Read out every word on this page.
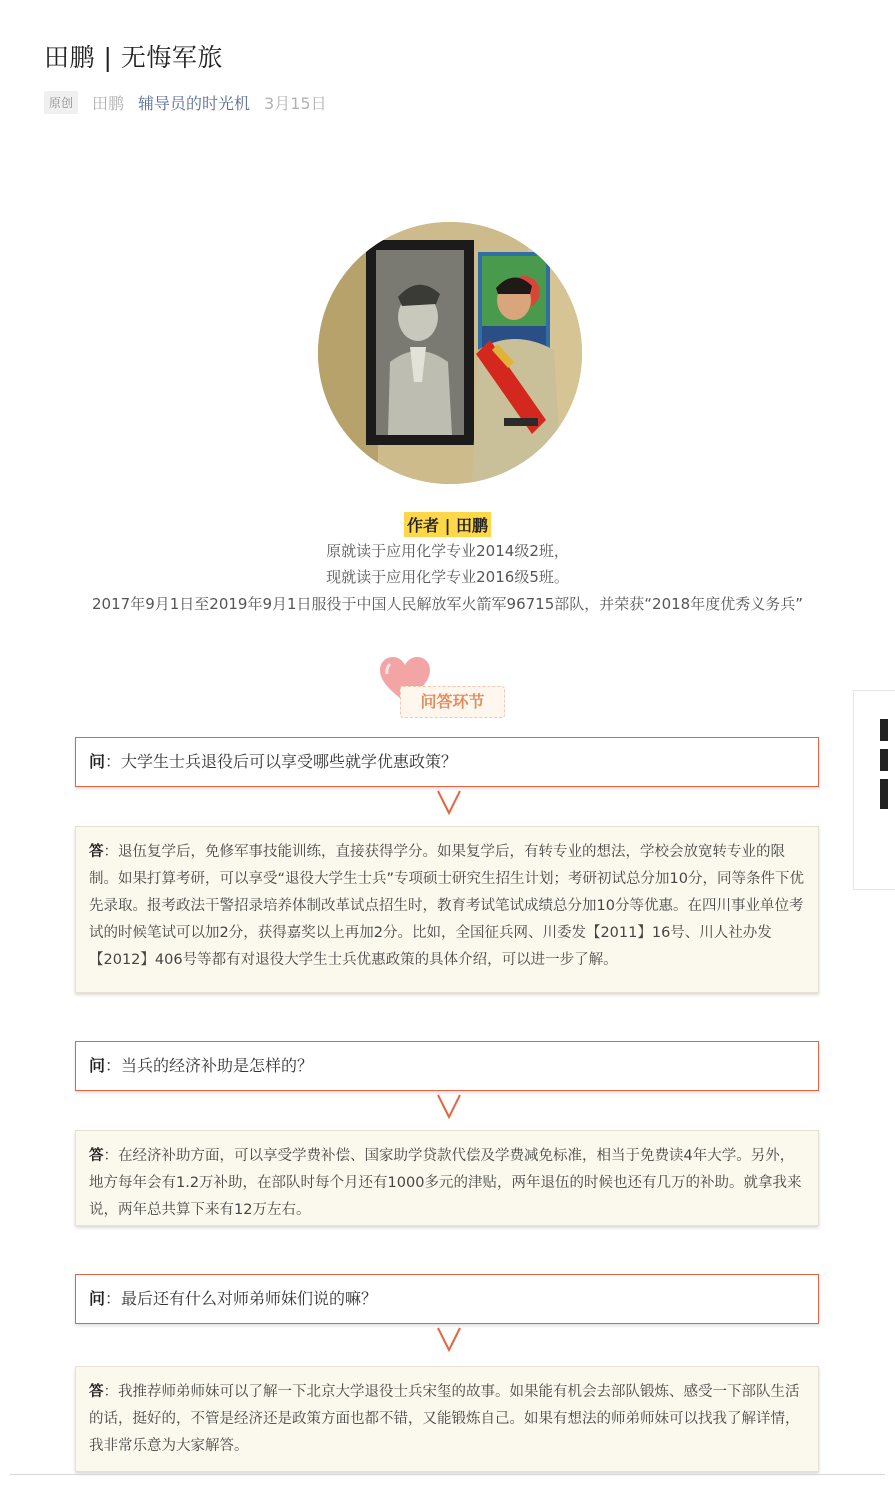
田鹏 | 无悔军旅
原创	田鹏 辅导员的时光机 3月15日
作者 | 田鹏
原就读于应用化学专业2014级2班，
现就读于应用化学专业2016级5班。
2017年9月1日至2019年9月1日服役于中国人民解放军火箭军96715部队，并荣获“2018年度优秀义务兵”
问答环节
问：大学生士兵退役后可以享受哪些就学优惠政策？
答：退伍复学后，免修军事技能训练，直接获得学分。如果复学后，有转专业的想法，学校会放宽转专业的限制。如果打算考研，可以享受“退役大学生士兵”专项硕士研究生招生计划；考研初试总分加10分，同等条件下优先录取。报考政法干警招录培养体制改革试点招生时，教育考试笔试成绩总分加10分等优惠。在四川事业单位考试的时候笔试可以加2分，获得嘉奖以上再加2分。比如，全国征兵网、川委发【2011】16号、川人社办发【2012】406号等都有对退役大学生士兵优惠政策的具体介绍，可以进一步了解。
问：当兵的经济补助是怎样的？
答：在经济补助方面，可以享受学费补偿、国家助学贷款代偿及学费减免标准，相当于免费读4年大学。另外，地方每年会有1.2万补助，在部队时每个月还有1000多元的津贴，两年退伍的时候也还有几万的补助。就拿我来说，两年总共算下来有12万左右。
问：最后还有什么对师弟师妹们说的嘛？
答：我推荐师弟师妹可以了解一下北京大学退役士兵宋玺的故事。如果能有机会去部队锻炼、感受一下部队生活的话，挺好的，不管是经济还是政策方面也都不错，又能锻炼自己。如果有想法的师弟师妹可以找我了解详情，我非常乐意为大家解答。
